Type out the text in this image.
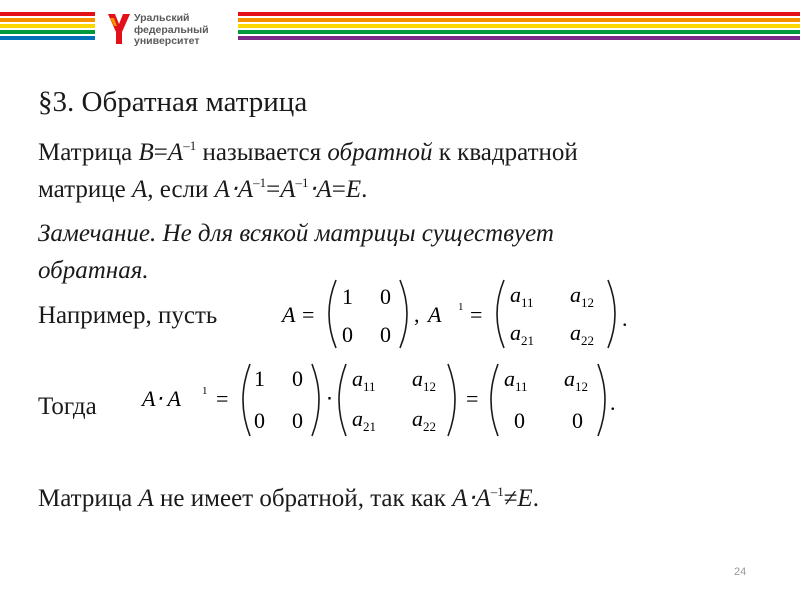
Уральский
федеральный
университет
§3. Обратная матрица
Матрица $B=A^{-1}$ называется обратной к квадратной
матрице A, если $A\cdot A^{-1}=A^{-1}\cdot A=E$.
Замечание. Не для всякой матрицы существует
обратная.
Например, пусть	A =
1 0
0 0
, A 1 =
$a_{11}$ $a_{12}$
$a_{21}$ $a_{22}$
.
Тогда A⋅ A 1 =
1 0
0 0
⋅
$a_{11}$ $a_{12}$
$a_{21}$ $a_{22}$
=
$a_{11}$ $a_{12}$
0 0
.
Матрица A не имеет обратной, так как $A\cdot A^{-1}\ne E$.
24
